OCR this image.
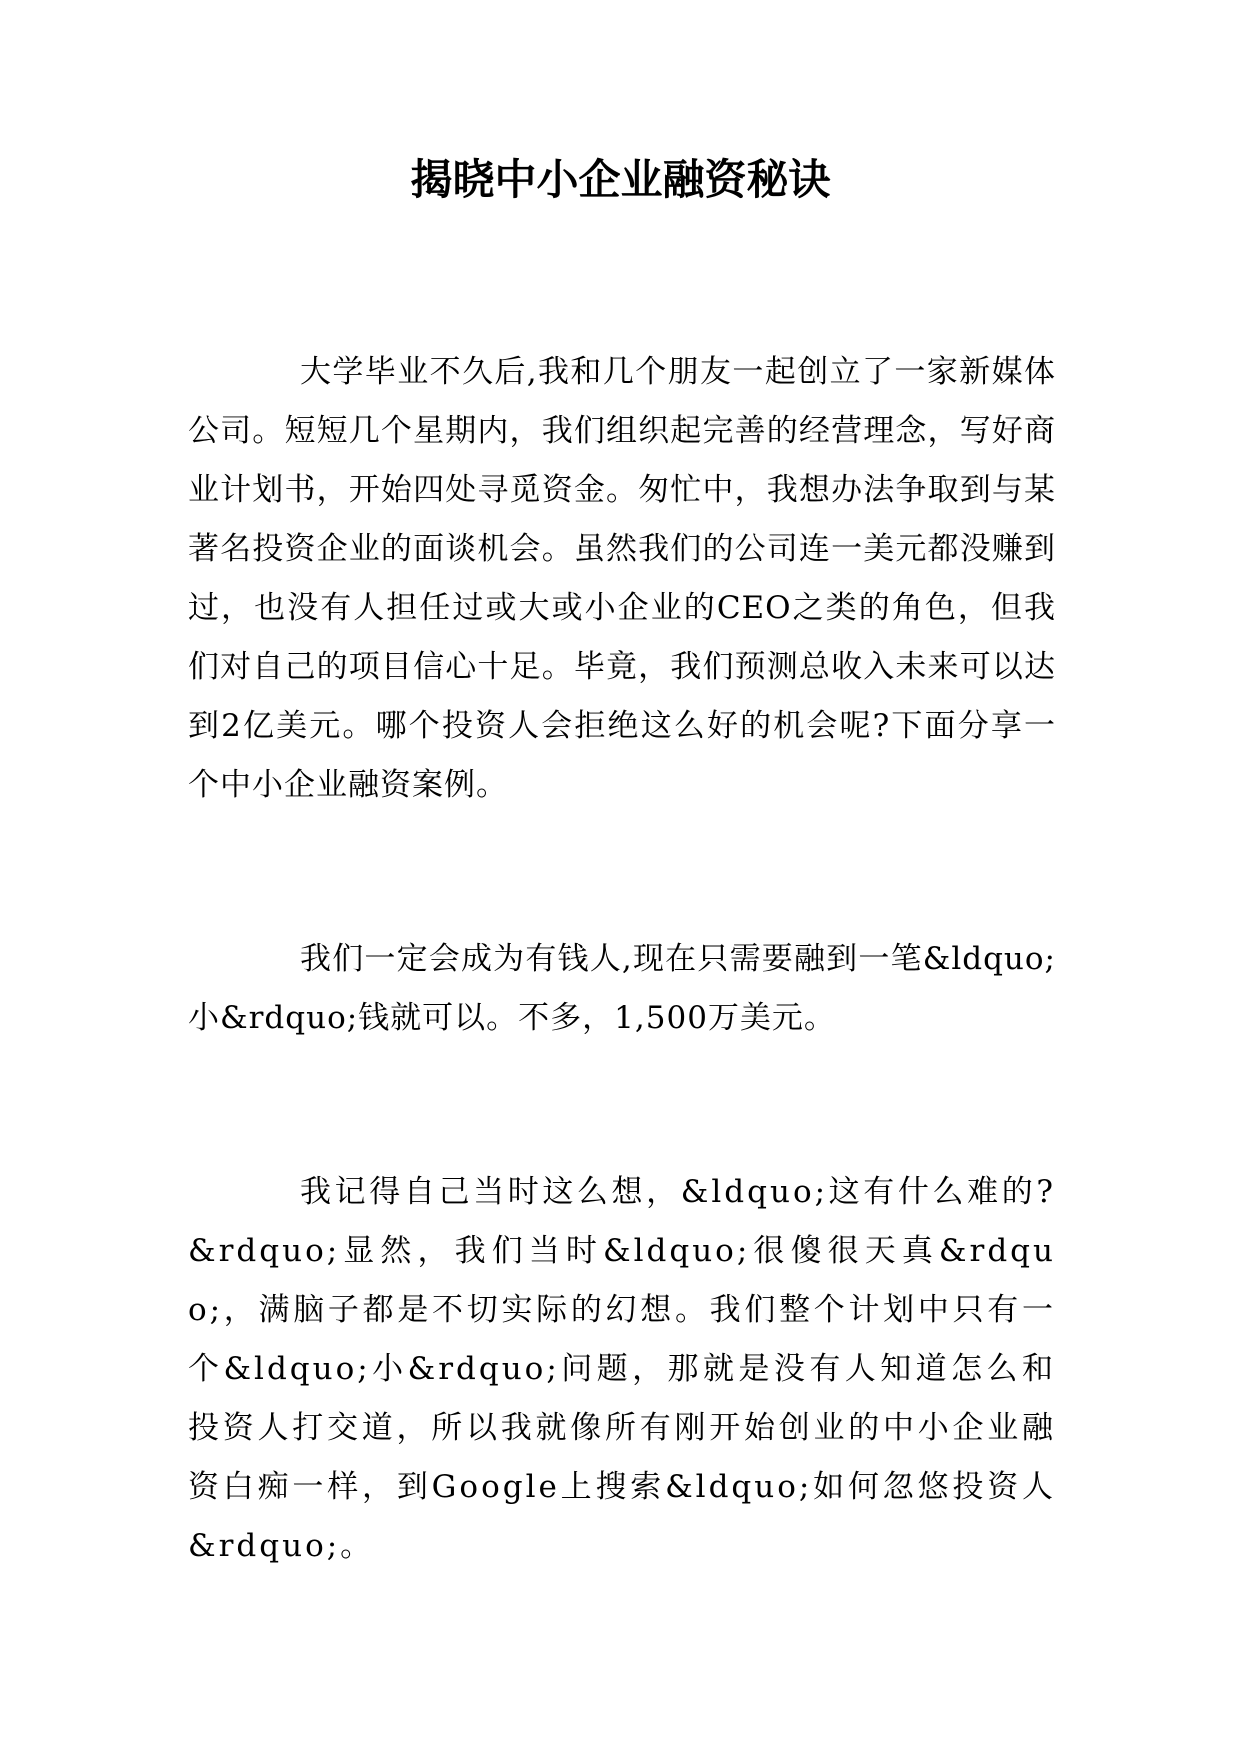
揭晓中小企业融资秘诀

大学毕业不久后,我和几个朋友一起创立了一家新媒体公司。短短几个星期内，我们组织起完善的经营理念，写好商业计划书，开始四处寻觅资金。匆忙中，我想办法争取到与某著名投资企业的面谈机会。虽然我们的公司连一美元都没赚到过，也没有人担任过或大或小企业的CEO之类的角色，但我们对自己的项目信心十足。毕竟，我们预测总收入未来可以达到2亿美元。哪个投资人会拒绝这么好的机会呢?下面分享一个中小企业融资案例。

我们一定会成为有钱人,现在只需要融到一笔&ldquo;小&rdquo;钱就可以。不多，1,500万美元。

我记得自己当时这么想，&ldquo;这有什么难的?&rdquo;显然，我们当时&ldquo;很傻很天真&rdquo;，满脑子都是不切实际的幻想。我们整个计划中只有一个&ldquo;小&rdquo;问题，那就是没有人知道怎么和投资人打交道，所以我就像所有刚开始创业的中小企业融资白痴一样，到Google上搜索&ldquo;如何忽悠投资人&rdquo;。
